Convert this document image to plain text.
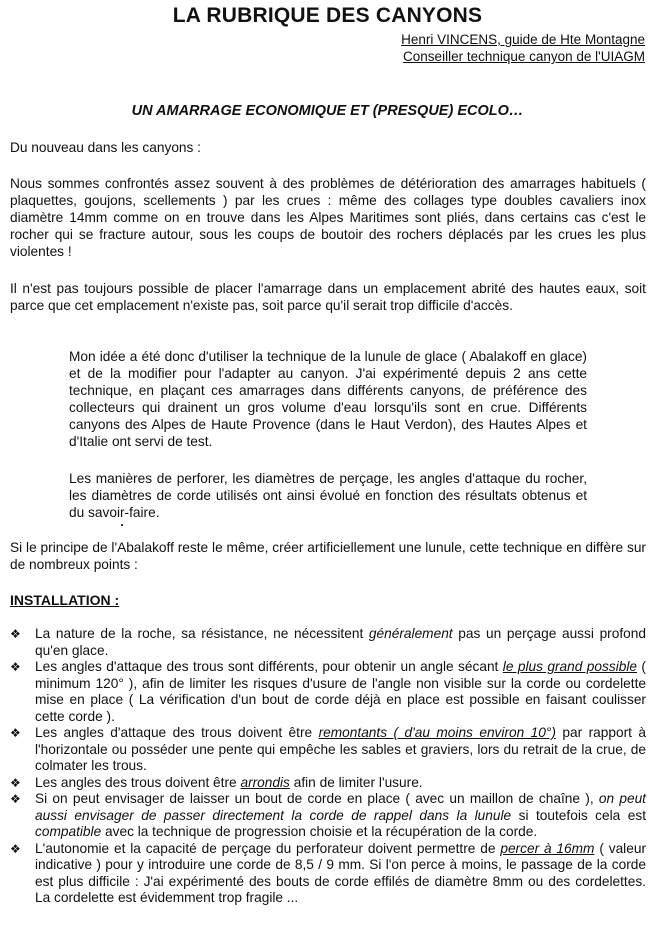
LA RUBRIQUE DES CANYONS

Henri VINCENS, guide de Hte Montagne

Conseiller technique canyon de l'UIAGM

UN AMARRAGE ECONOMIQUE ET (PRESQUE) ECOLO…

Du nouveau dans les canyons :

Nous sommes confrontés assez souvent à des problèmes de détérioration des amarrages habituels ( plaquettes, goujons, scellements ) par les crues : même des collages type doubles cavaliers inox diamètre 14mm comme on en trouve dans les Alpes Maritimes sont pliés, dans certains cas c'est le rocher qui se fracture autour, sous les coups de boutoir des rochers déplacés par les crues les plus violentes !

Il n'est pas toujours possible de placer l'amarrage dans un emplacement abrité des hautes eaux, soit parce que cet emplacement n'existe pas, soit parce qu'il serait trop difficile d'accès.

Mon idée a été donc d'utiliser la technique de la lunule de glace ( Abalakoff en glace) et de la modifier pour l'adapter au canyon. J'ai expérimenté depuis 2 ans cette technique, en plaçant ces amarrages dans différents canyons, de préférence des collecteurs qui drainent un gros volume d'eau lorsqu'ils sont en crue. Différents canyons des Alpes de Haute Provence (dans le Haut Verdon), des Hautes Alpes et d'Italie ont servi de test.

Les manières de perforer, les diamètres de perçage, les angles d'attaque du rocher, les diamètres de corde utilisés ont ainsi évolué en fonction des résultats obtenus et du savoir-faire.

Si le principe de l'Abalakoff reste le même, créer artificiellement une lunule, cette technique en diffère sur de nombreux points :

INSTALLATION :
❖ La nature de la roche, sa résistance, ne nécessitent généralement pas un perçage aussi profond qu'en glace.
❖ Les angles d'attaque des trous sont différents, pour obtenir un angle sécant le plus grand possible ( minimum 120° ), afin de limiter les risques d'usure de l'angle non visible sur la corde ou cordelette mise en place ( La vérification d'un bout de corde déjà en place est possible en faisant coulisser cette corde ).
❖ Les angles d'attaque des trous doivent être remontants ( d'au moins environ 10°) par rapport à l'horizontale ou posséder une pente qui empêche les sables et graviers, lors du retrait de la crue, de colmater les trous.
❖ Les angles des trous doivent être arrondis afin de limiter l'usure.
❖ Si on peut envisager de laisser un bout de corde en place ( avec un maillon de chaîne ), on peut aussi envisager de passer directement la corde de rappel dans la lunule si toutefois cela est compatible avec la technique de progression choisie et la récupération de la corde.
❖ L'autonomie et la capacité de perçage du perforateur doivent permettre de percer à 16mm ( valeur indicative ) pour y introduire une corde de 8,5 / 9 mm. Si l'on perce à moins, le passage de la corde est plus difficile : J'ai expérimenté des bouts de corde effilés de diamètre 8mm ou des cordelettes. La cordelette est évidemment trop fragile ...
